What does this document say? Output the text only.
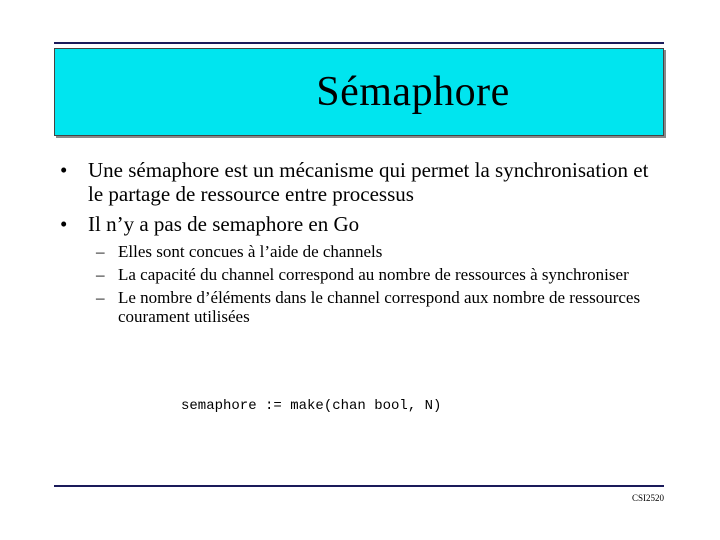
Sémaphore

• Une sémaphore est un mécanisme qui permet la synchronisation et le partage de ressource entre processus

• Il n’y a pas de semaphore en Go

– Elles sont concues à l’aide de channels

– La capacité du channel correspond au nombre de ressources à synchroniser

– Le nombre d’éléments dans le channel correspond aux nombre de ressources courament utilisées

semaphore := make(chan bool, N)
CSI2520
